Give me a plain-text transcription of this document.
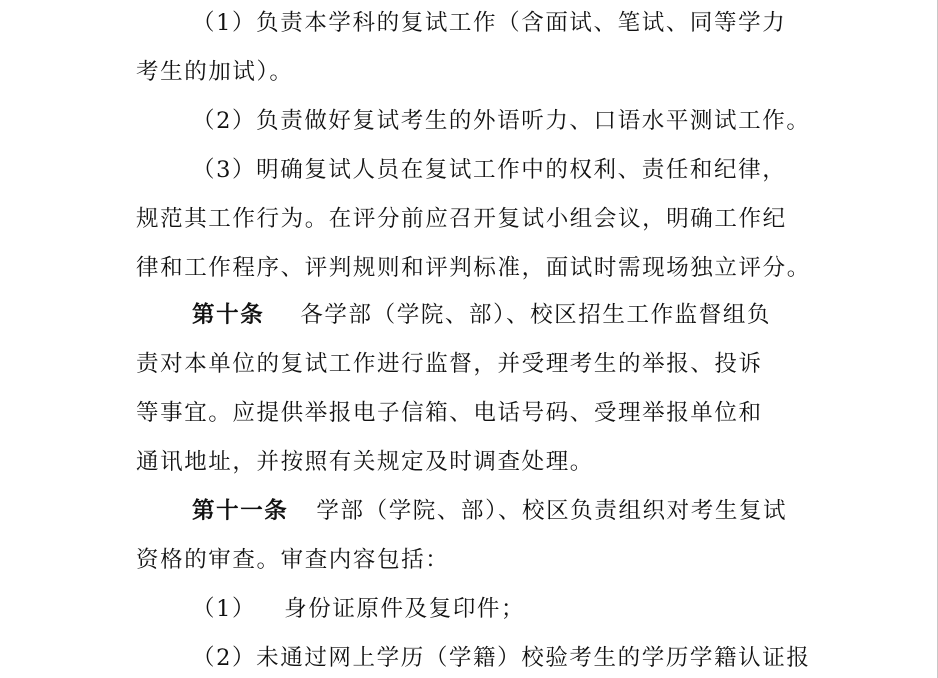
（1）负责本学科的复试工作（含面试、笔试、同等学力
考生的加试）。
（2）负责做好复试考生的外语听力、口语水平测试工作。
（3）明确复试人员在复试工作中的权利、责任和纪律，
规范其工作行为。在评分前应召开复试小组会议，明确工作纪
律和工作程序、评判规则和评判标准，面试时需现场独立评分。
第十条 各学部（学院、部）、校区招生工作监督组负
责对本单位的复试工作进行监督，并受理考生的举报、投诉
等事宜。应提供举报电子信箱、电话号码、受理举报单位和
通讯地址，并按照有关规定及时调查处理。
第十一条 学部（学院、部）、校区负责组织对考生复试
资格的审查。审查内容包括：
（1） 身份证原件及复印件；
（2）未通过网上学历（学籍）校验考生的学历学籍认证报
